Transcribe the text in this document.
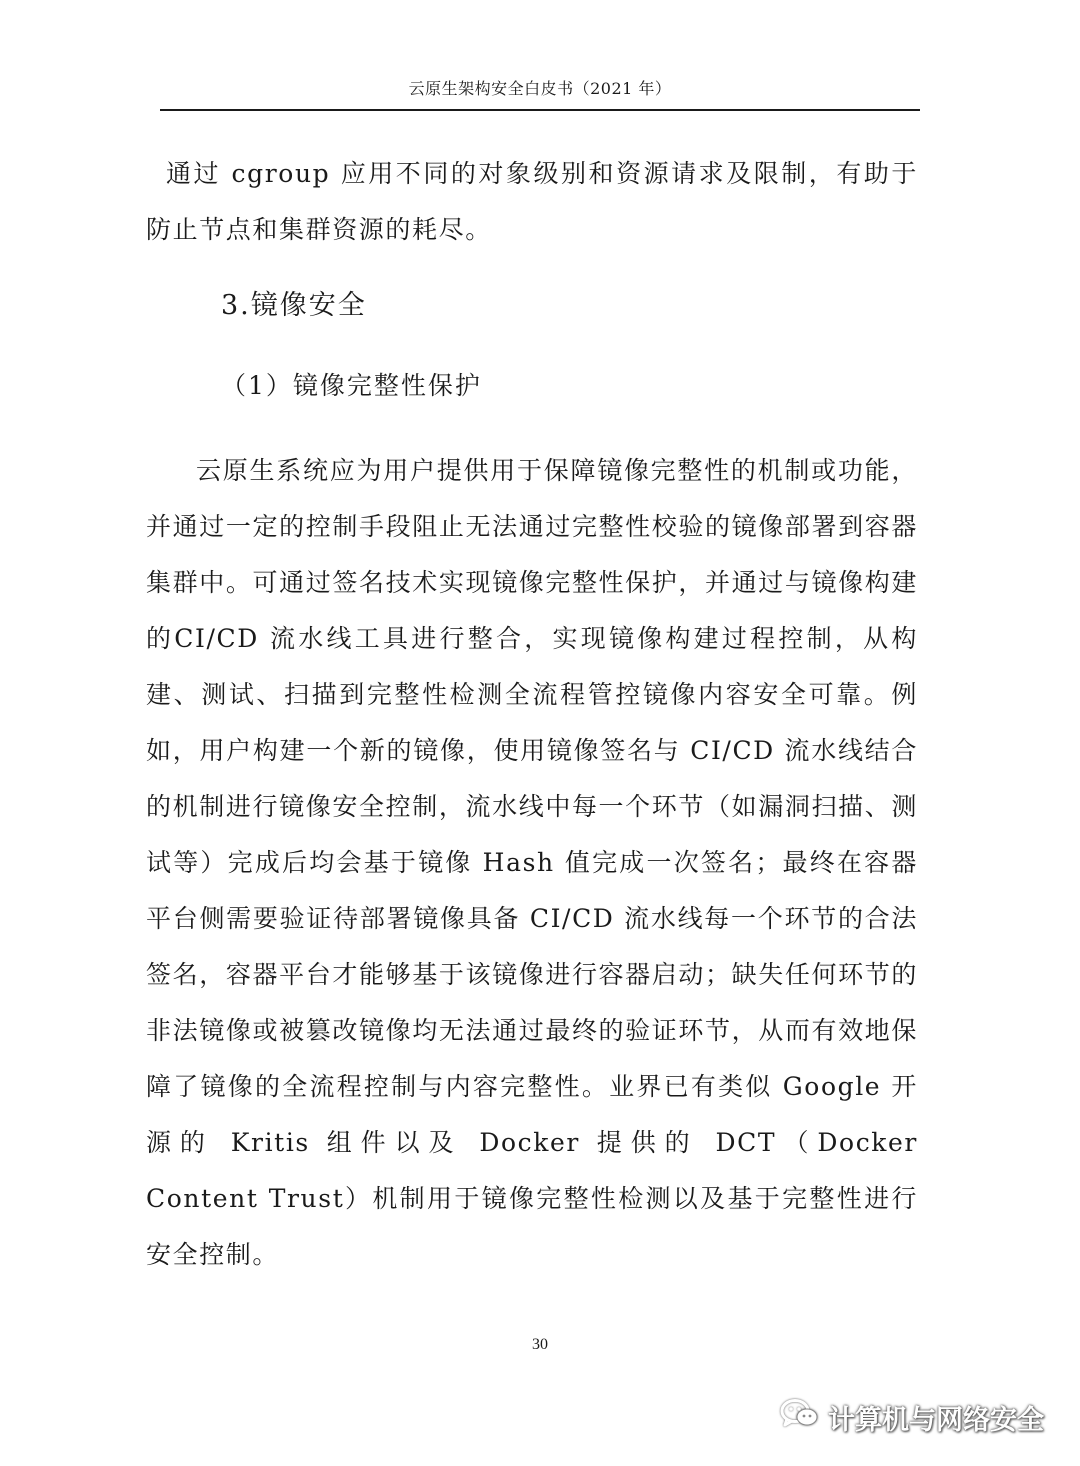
云原生架构安全白皮书（2021 年）
通过 cgroup 应用不同的对象级别和资源请求及限制，有助于防止节点和集群资源的耗尽。
3.镜像安全
（1）镜像完整性保护
云原生系统应为用户提供用于保障镜像完整性的机制或功能，并通过一定的控制手段阻止无法通过完整性校验的镜像部署到容器集群中。可通过签名技术实现镜像完整性保护，并通过与镜像构建的CI/CD 流水线工具进行整合，实现镜像构建过程控制，从构建、测试、扫描到完整性检测全流程管控镜像内容安全可靠。例如，用户构建一个新的镜像，使用镜像签名与 CI/CD 流水线结合的机制进行镜像安全控制，流水线中每一个环节（如漏洞扫描、测试等）完成后均会基于镜像 Hash 值完成一次签名；最终在容器平台侧需要验证待部署镜像具备 CI/CD 流水线每一个环节的合法签名，容器平台才能够基于该镜像进行容器启动；缺失任何环节的非法镜像或被篡改镜像均无法通过最终的验证环节，从而有效地保障了镜像的全流程控制与内容完整性。业界已有类似 Google 开源的 Kritis 组件以及 Docker 提供的 DCT（Docker Content Trust）机制用于镜像完整性检测以及基于完整性进行安全控制。
30
计算机与网络安全
